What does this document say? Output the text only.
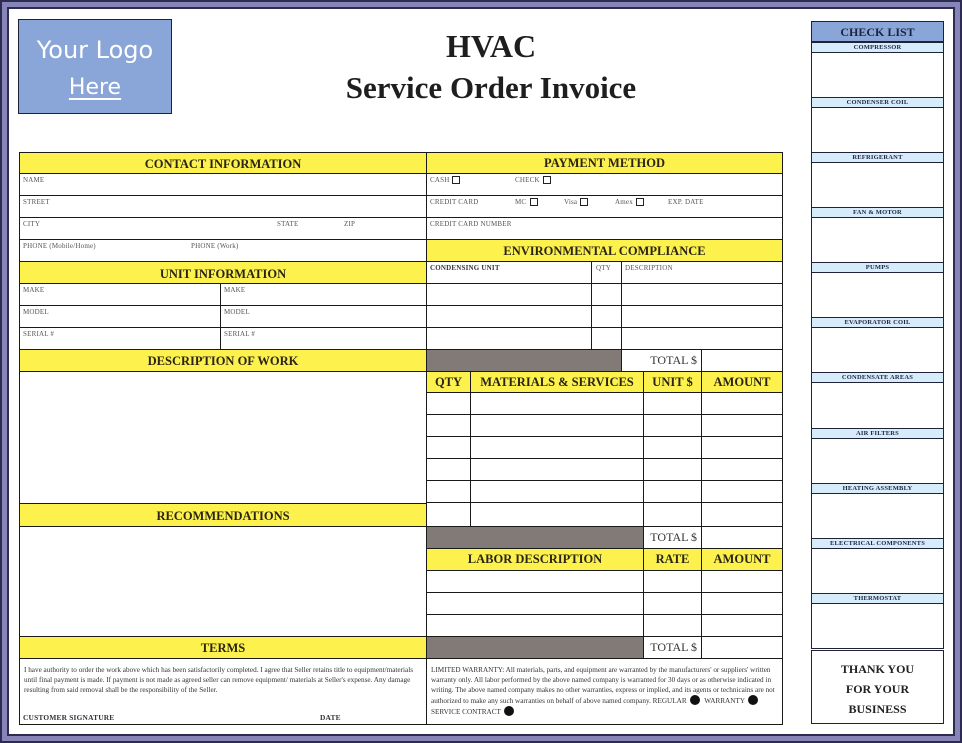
Your Logo
Here
HVAC
Service Order Invoice
CONTACT INFORMATION
NAME
STREET
CITY	STATE	ZIP
PHONE (Mobile/Home)	PHONE (Work)
UNIT INFORMATION
MAKE	MAKE
MODEL	MODEL
SERIAL #	SERIAL #
DESCRIPTION OF WORK
RECOMMENDATIONS
TERMS
I have authority to order the work above which has been satisfactorily completed. I agree that Seller retains title to equipment/materials until final payment is made. If payment is not made as agreed seller can remove equipment/ materials at Seller's expense. Any damage resulting from said removal shall be the responsibility of the Seller.
CUSTOMER SIGNATURE	DATE
PAYMENT METHOD
CASH	CHECK
CREDIT CARD	MC	Visa	Amex	EXP. DATE
CREDIT CARD NUMBER
ENVIRONMENTAL COMPLIANCE
CONDENSING UNIT	QTY DESCRIPTION
TOTAL $
QTY	MATERIALS & SERVICES	UNIT $	AMOUNT
TOTAL $
LABOR DESCRIPTION	RATE	AMOUNT
TOTAL $
LIMITED WARRANTY: All materials, parts, and equipment are warranted by the manufacturers' or suppliers' written warranty only. All labor performed by the above named company is warranted for 30 days or as otherwise indicated in writing. The above named company makes no other warranties, express or implied, and its agents or technicains are not authorized to make any such warranties on behalf of above named company. REGULAR WARRANTY SERVICE CONTRACT
CHECK LIST
COMPRESSOR
CONDENSER COIL
REFRIGERANT
FAN & MOTOR
PUMPS
EVAPORATOR COIL
CONDENSATE AREAS
AIR FILTERS
HEATING ASSEMBLY
ELECTRICAL COMPONENTS
THERMOSTAT
THANK YOU
FOR YOUR
BUSINESS
